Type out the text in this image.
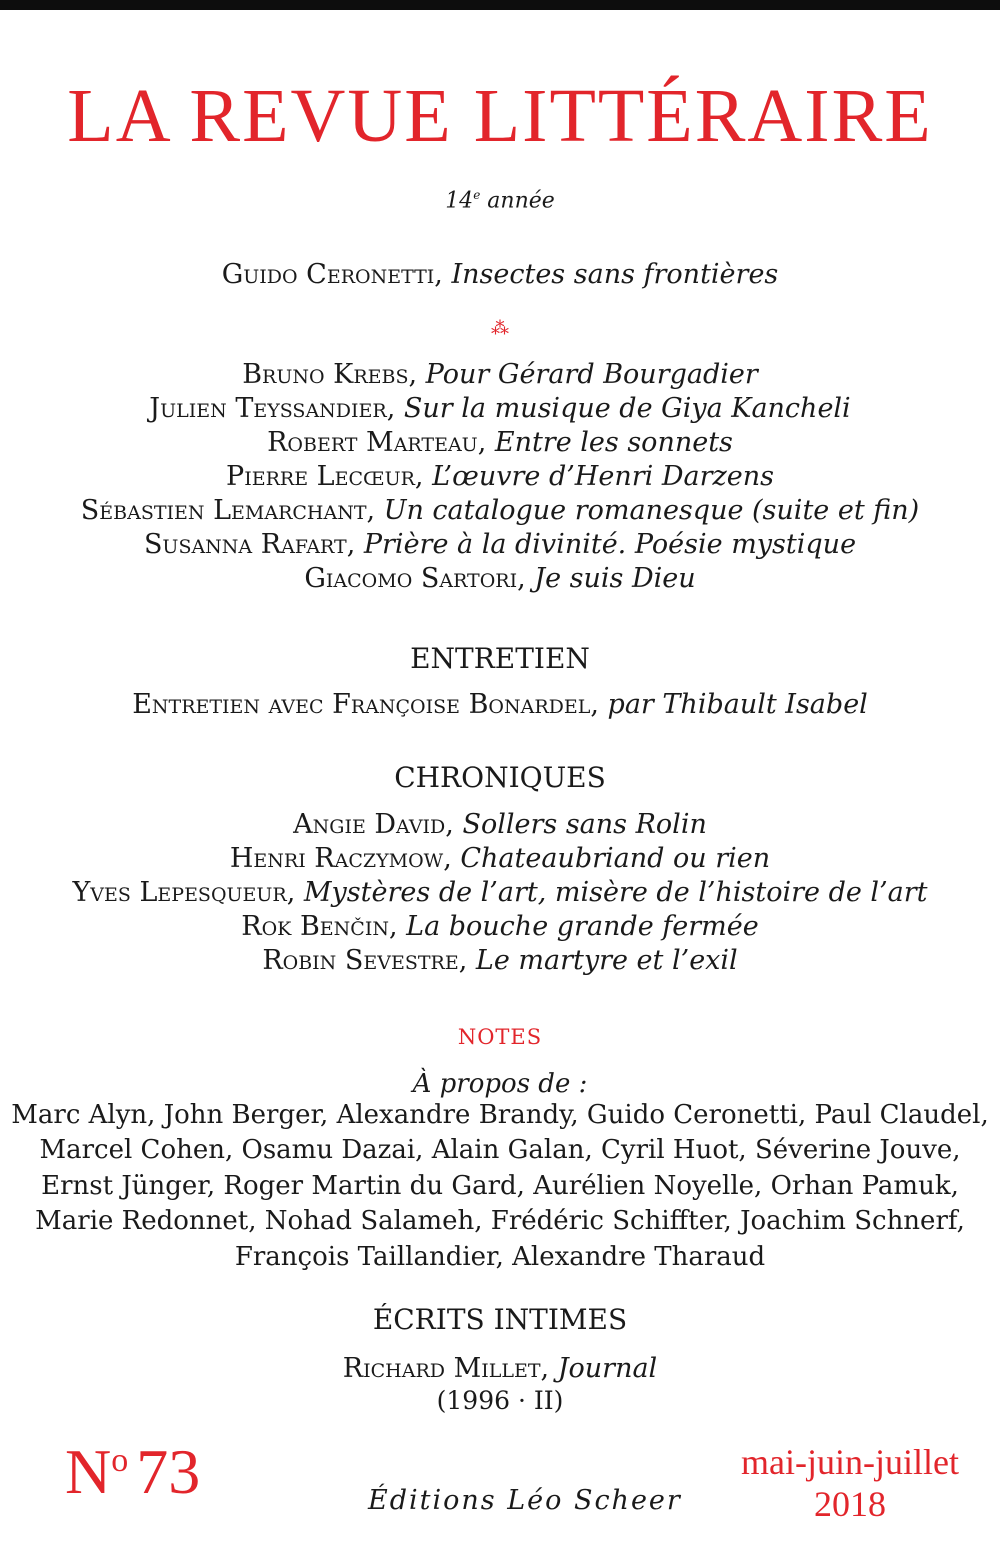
LA REVUE LITTÉRAIRE
14e année
Guido Ceronetti, Insectes sans frontières
⁂
Bruno Krebs, Pour Gérard Bourgadier
Julien Teyssandier, Sur la musique de Giya Kancheli
Robert Marteau, Entre les sonnets
Pierre Lecœur, L’œuvre d’Henri Darzens
Sébastien Lemarchant, Un catalogue romanesque (suite et fin)
Susanna Rafart, Prière à la divinité. Poésie mystique
Giacomo Sartori, Je suis Dieu
ENTRETIEN
Entretien avec Françoise Bonardel, par Thibault Isabel
CHRONIQUES
Angie David, Sollers sans Rolin
Henri Raczymow, Chateaubriand ou rien
Yves Lepesqueur, Mystères de l’art, misère de l’histoire de l’art
Rok Benčin, La bouche grande fermée
Robin Sevestre, Le martyre et l’exil
NOTES
À propos de :
Marc Alyn, John Berger, Alexandre Brandy, Guido Ceronetti, Paul Claudel,
Marcel Cohen, Osamu Dazai, Alain Galan, Cyril Huot, Séverine Jouve,
Ernst Jünger, Roger Martin du Gard, Aurélien Noyelle, Orhan Pamuk,
Marie Redonnet, Nohad Salameh, Frédéric Schiffter, Joachim Schnerf,
François Taillandier, Alexandre Tharaud
ÉCRITS INTIMES
Richard Millet, Journal
(1996 · II)
$N^o$ 73	Éditions Léo Scheer
mai-juin-juillet
2018
